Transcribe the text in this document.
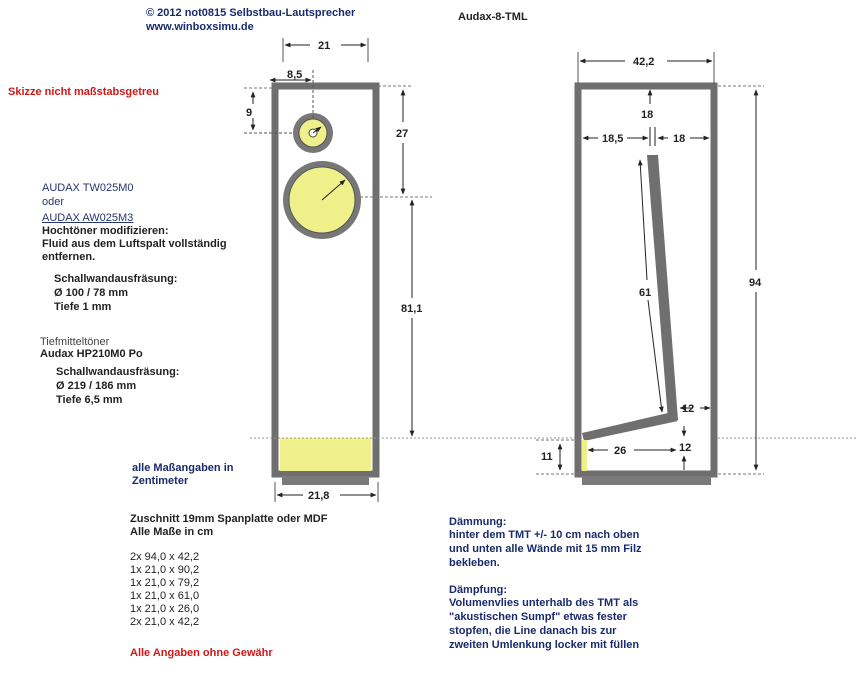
21
8,5
9
27
81,1
21,8
42,2
18
18,5	18
94
61
12
12
26
11
© 2012 not0815 Selbstbau-Lautsprecher
www.winboxsimu.de
Audax-8-TML
Skizze nicht maßstabsgetreu
AUDAX TW025M0
oder
AUDAX AW025M3
Hochtöner modifizieren:
Fluid aus dem Luftspalt vollständig
entfernen.
Schallwandausfräsung:
Ø 100 / 78 mm
Tiefe 1 mm
Tiefmitteltöner
Audax HP210M0 Po
Schallwandausfräsung:
Ø 219 / 186 mm
Tiefe 6,5 mm
alle Maßangaben in
Zentimeter
Zuschnitt 19mm Spanplatte oder MDF
Alle Maße in cm
2x 94,0 x 42,2
1x 21,0 x 90,2
1x 21,0 x 79,2
1x 21,0 x 61,0
1x 21,0 x 26,0
2x 21,0 x 42,2
Alle Angaben ohne Gewähr
Dämmung:
hinter dem TMT +/- 10 cm nach oben
und unten alle Wände mit 15 mm Filz
bekleben.
Dämpfung:
Volumenvlies unterhalb des TMT als
"akustischen Sumpf" etwas fester
stopfen, die Line danach bis zur
zweiten Umlenkung locker mit füllen
